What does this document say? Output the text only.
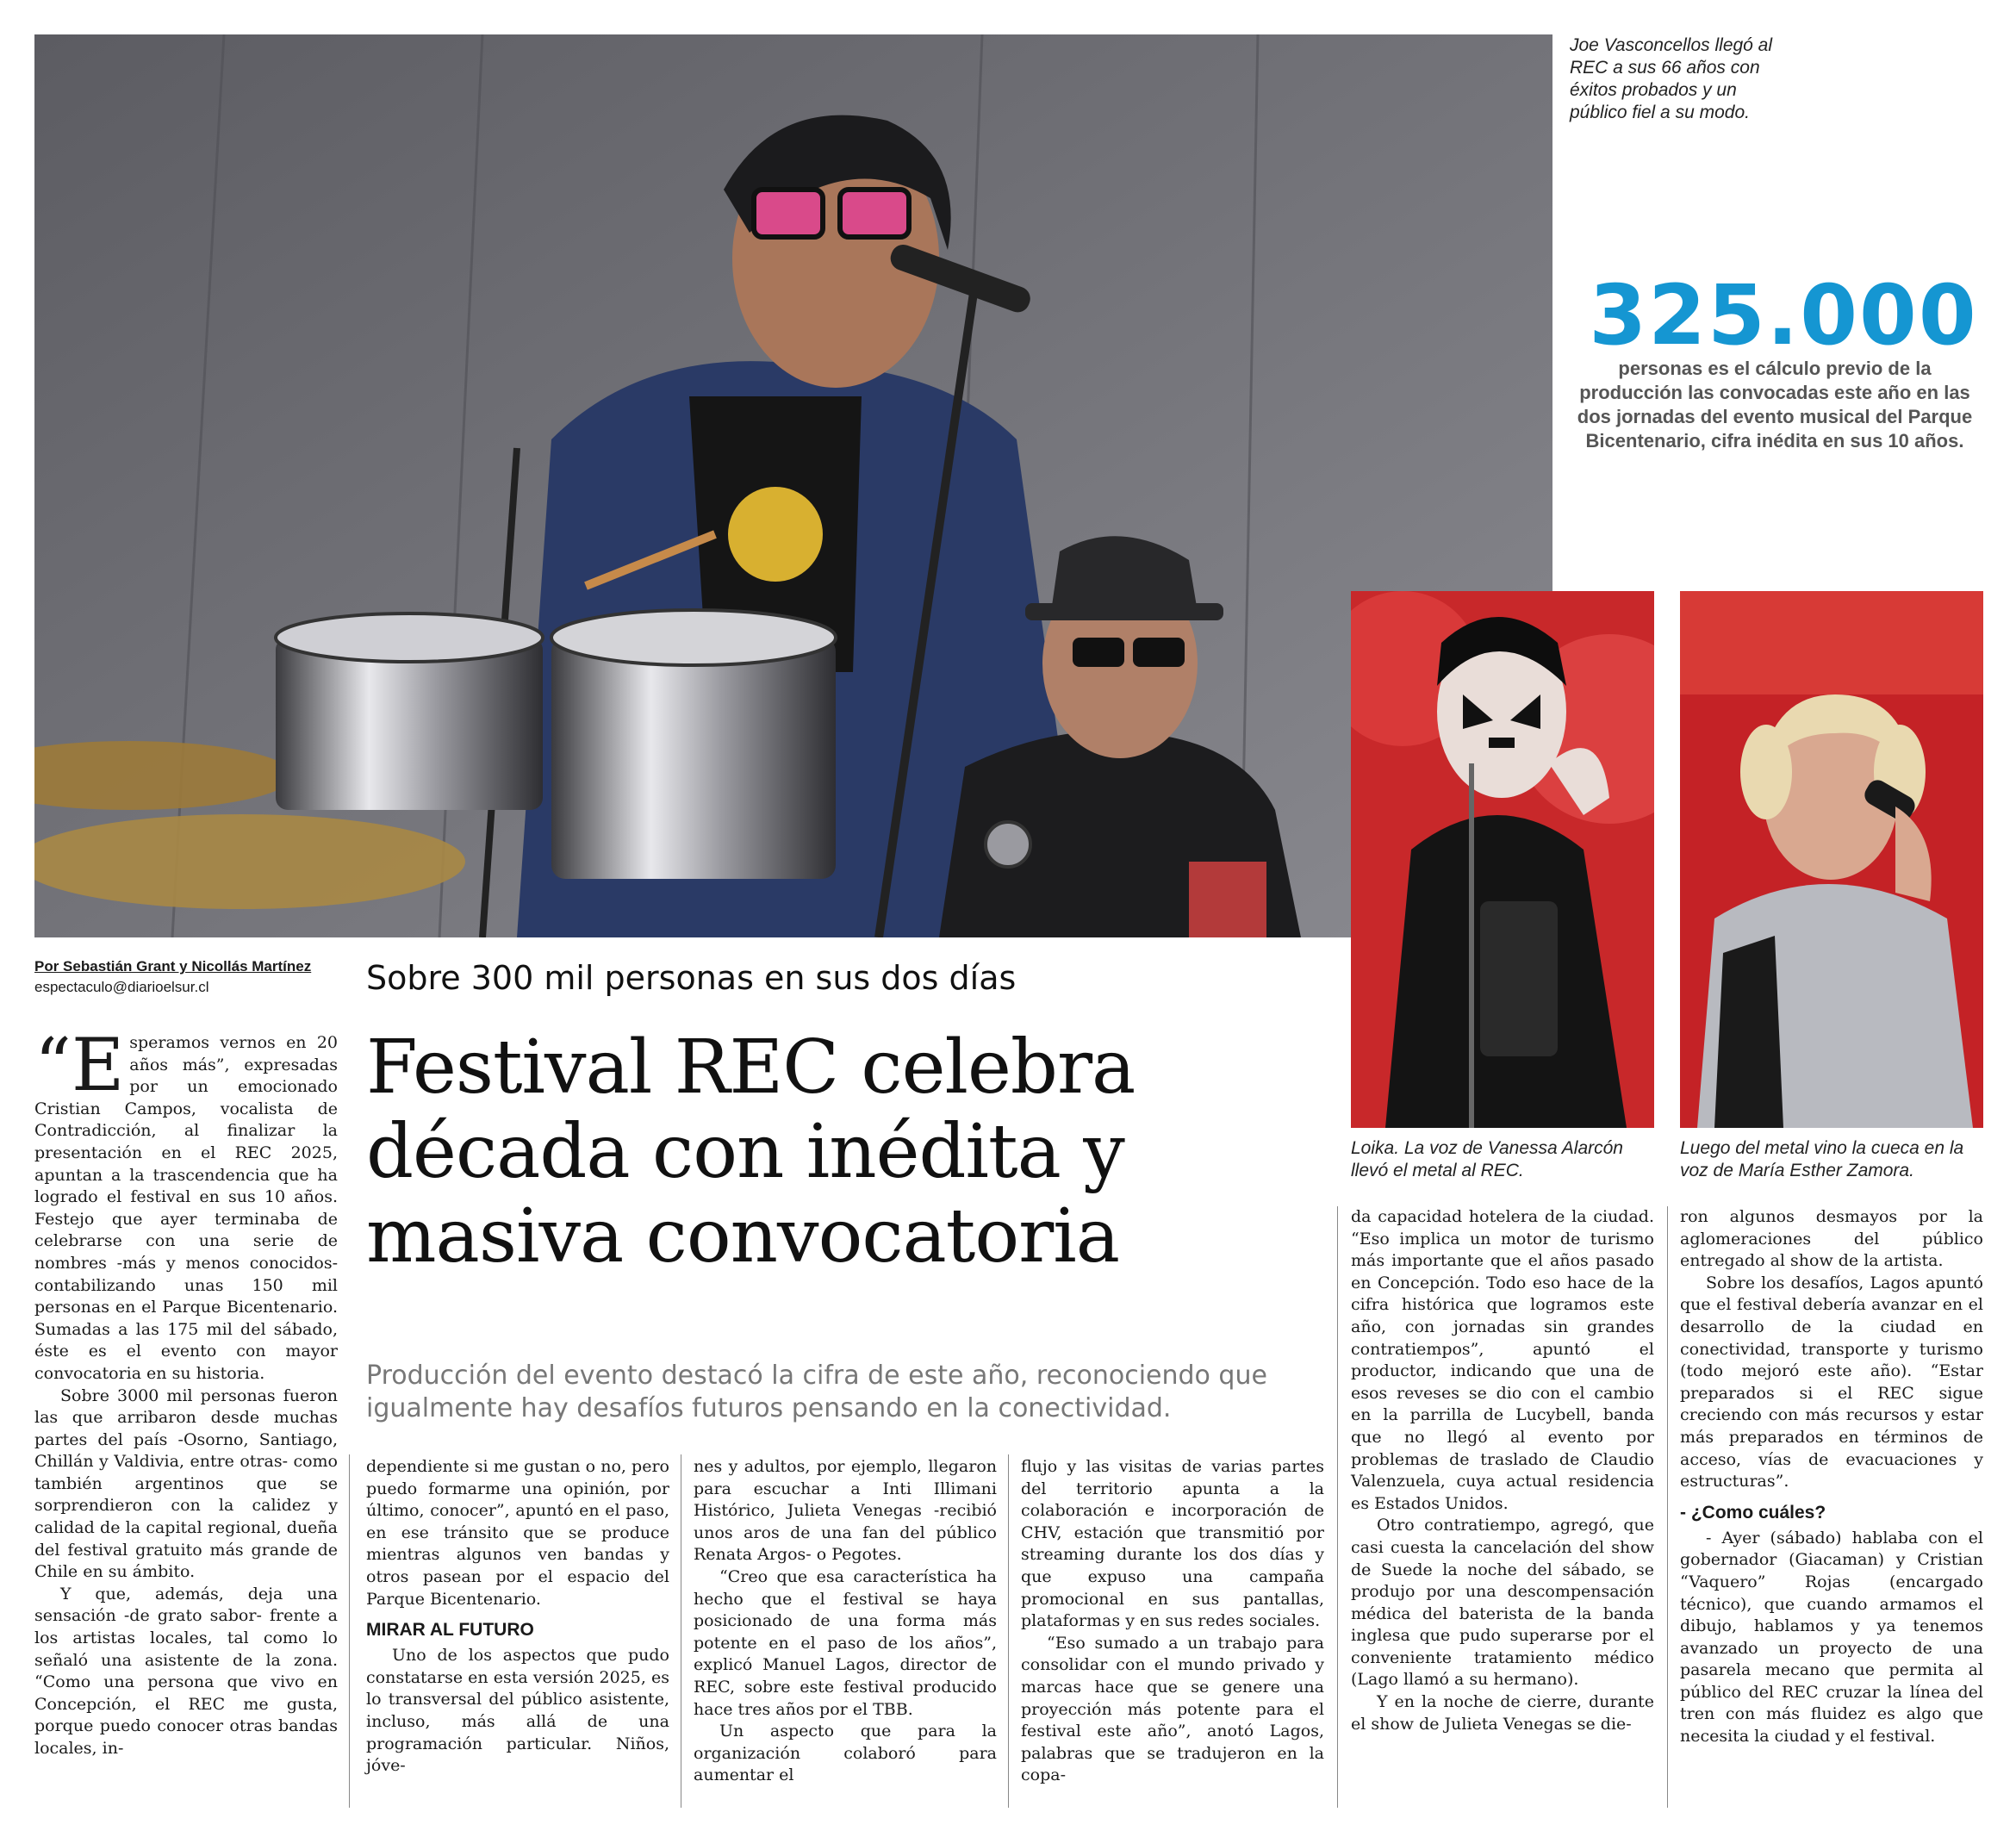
Joe Vasconcellos llegó al REC a sus 66 años con éxitos probados y un público fiel a su modo.
325.000
personas es el cálculo previo de la producción las convocadas este año en las dos jornadas del evento musical del Parque Bicentenario, cifra inédita en sus 10 años.
Loika. La voz de Vanessa Alarcón llevó el metal al REC.
Luego del metal vino la cueca en la voz de María Esther Zamora.
Por Sebastián Grant y Nicollás Martínez
espectaculo@diarioelsur.cl	Sobre 300 mil personas en sus dos días
Festival REC celebra década con inédita y masiva convocatoria
Producción del evento destacó la cifra de este año, reconociendo que igualmente hay desafíos futuros pensando en la conectividad.

“Esperamos vernos en 20 años más”, expresadas por un emocionado Cristian Campos, vocalista de Contradicción, al finalizar la presentación en el REC 2025, apuntan a la trascendencia que ha logrado el festival en sus 10 años. Festejo que ayer terminaba de celebrarse con una serie de nombres -más y menos conocidos- contabilizando unas 150 mil personas en el Parque Bicentenario. Sumadas a las 175 mil del sábado, éste es el evento con mayor convocatoria en su historia.

Sobre 3000 mil personas fueron las que arribaron desde muchas partes del país -Osorno, Santiago, Chillán y Valdivia, entre otras- como también argentinos que se sorprendieron con la calidez y calidad de la capital regional, dueña del festival gratuito más grande de Chile en su ámbito.

Y que, además, deja una sensación -de grato sabor- frente a los artistas locales, tal como lo señaló una asistente de la zona. “Como una persona que vivo en Concepción, el REC me gusta, porque puedo conocer otras bandas locales, in-

dependiente si me gustan o no, pero puedo formarme una opinión, por último, conocer”, apuntó en el paso, en ese tránsito que se produce mientras algunos ven bandas y otros pasean por el espacio del Parque Bicentenario.

MIRAR AL FUTURO

Uno de los aspectos que pudo constatarse en esta versión 2025, es lo transversal del público asistente, incluso, más allá de una programación particular. Niños, jóve-

nes y adultos, por ejemplo, llegaron para escuchar a Inti Illimani Histórico, Julieta Venegas -recibió unos aros de una fan del público Renata Argos- o Pegotes.

“Creo que esa característica ha hecho que el festival se haya posicionado de una forma más potente en el paso de los años”, explicó Manuel Lagos, director de REC, sobre este festival producido hace tres años por el TBB.

Un aspecto que para la organización colaboró para aumentar el

flujo y las visitas de varias partes del territorio apunta a la colaboración e incorporación de CHV, estación que transmitió por streaming durante los dos días y que expuso una campaña promocional en sus pantallas, plataformas y en sus redes sociales.

“Eso sumado a un trabajo para consolidar con el mundo privado y marcas hace que se genere una proyección más potente para el festival este año”, anotó Lagos, palabras que se tradujeron en la copa-

da capacidad hotelera de la ciudad. “Eso implica un motor de turismo más importante que el años pasado en Concepción. Todo eso hace de la cifra histórica que logramos este año, con jornadas sin grandes contratiempos”, apuntó el productor, indicando que una de esos reveses se dio con el cambio en la parrilla de Lucybell, banda que no llegó al evento por problemas de traslado de Claudio Valenzuela, cuya actual residencia es Estados Unidos.

Otro contratiempo, agregó, que casi cuesta la cancelación del show de Suede la noche del sábado, se produjo por una descompensación médica del baterista de la banda inglesa que pudo superarse por el conveniente tratamiento médico (Lago llamó a su hermano).

Y en la noche de cierre, durante el show de Julieta Venegas se die-

ron algunos desmayos por la aglomeraciones del público entregado al show de la artista.

Sobre los desafíos, Lagos apuntó que el festival debería avanzar en el desarrollo de la ciudad en conectividad, transporte y turismo (todo mejoró este año). “Estar preparados si el REC sigue creciendo con más recursos y estar más preparados en términos de acceso, vías de evacuaciones y estructuras”.

- ¿Como cuáles?

- Ayer (sábado) hablaba con el gobernador (Giacaman) y Cristian “Vaquero” Rojas (encargado técnico), que cuando armamos el dibujo, hablamos y ya tenemos avanzado un proyecto de una pasarela mecano que permita al público del REC cruzar la línea del tren con más fluidez es algo que necesita la ciudad y el festival.
